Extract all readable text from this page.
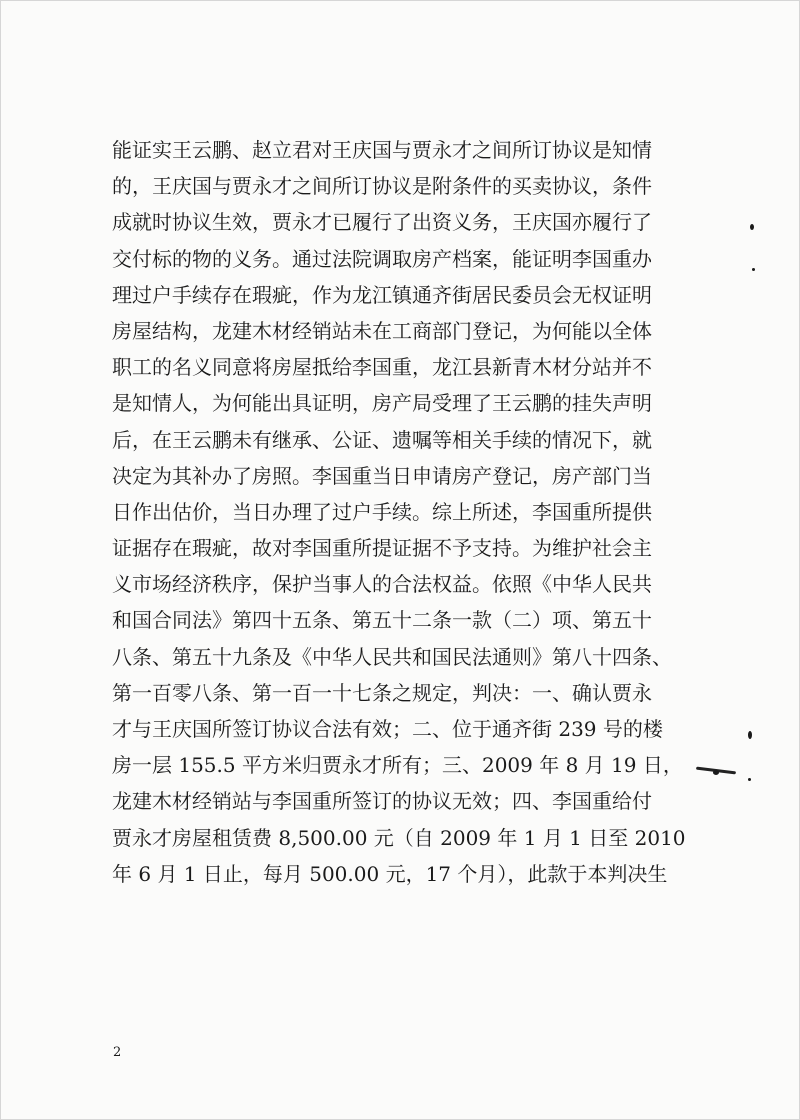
能证实王云鹏、赵立君对王庆国与贾永才之间所订协议是知情
的，王庆国与贾永才之间所订协议是附条件的买卖协议，条件
成就时协议生效，贾永才已履行了出资义务，王庆国亦履行了
交付标的物的义务。通过法院调取房产档案，能证明李国重办
理过户手续存在瑕疵，作为龙江镇通齐街居民委员会无权证明
房屋结构，龙建木材经销站未在工商部门登记，为何能以全体
职工的名义同意将房屋抵给李国重，龙江县新青木材分站并不
是知情人，为何能出具证明，房产局受理了王云鹏的挂失声明
后，在王云鹏未有继承、公证、遗嘱等相关手续的情况下，就
决定为其补办了房照。李国重当日申请房产登记，房产部门当
日作出估价，当日办理了过户手续。综上所述，李国重所提供
证据存在瑕疵，故对李国重所提证据不予支持。为维护社会主
义市场经济秩序，保护当事人的合法权益。依照《中华人民共
和国合同法》第四十五条、第五十二条一款（二）项、第五十
八条、第五十九条及《中华人民共和国民法通则》第八十四条、
第一百零八条、第一百一十七条之规定，判决：一、确认贾永
才与王庆国所签订协议合法有效；二、位于通齐街 239 号的楼
房一层 155.5 平方米归贾永才所有；三、2009 年 8 月 19 日，
龙建木材经销站与李国重所签订的协议无效；四、李国重给付
贾永才房屋租赁费 8,500.00 元（自 2009 年 1 月 1 日至 2010
年 6 月 1 日止，每月 500.00 元，17 个月），此款于本判决生
2
